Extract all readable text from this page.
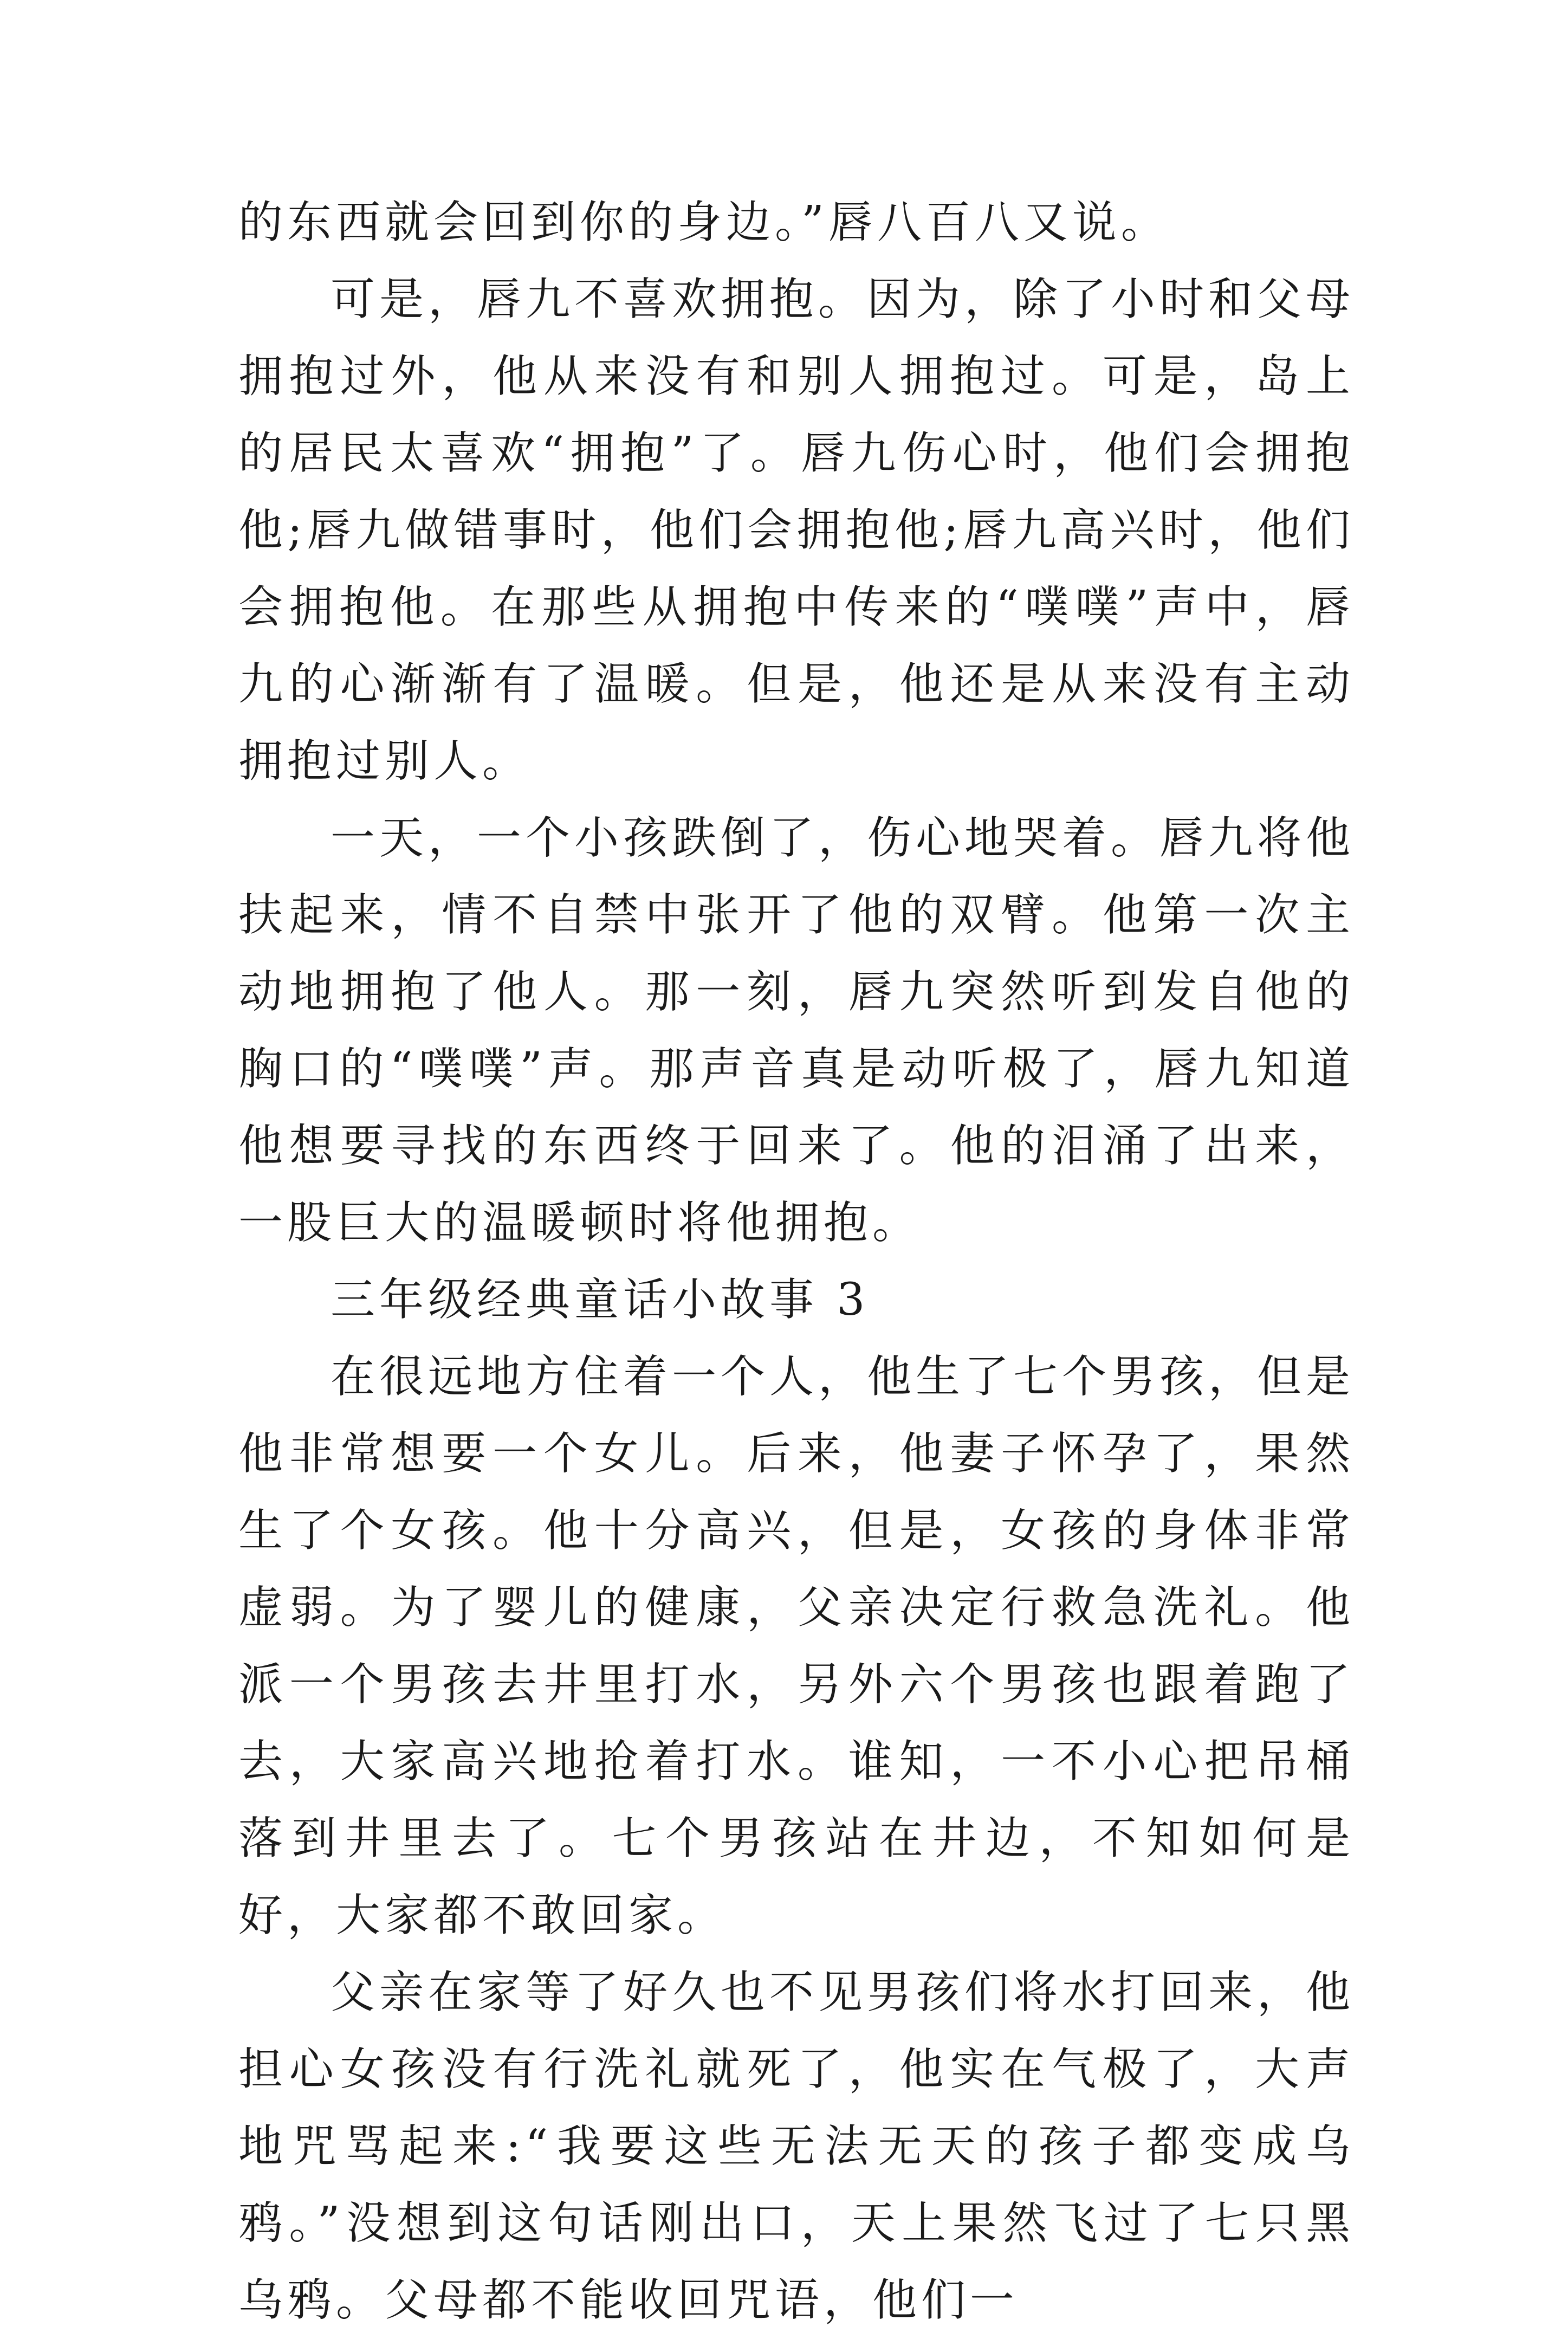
的东西就会回到你的身边。”唇八百八又说。

可是，唇九不喜欢拥抱。因为，除了小时和父母拥抱过外，他从来没有和别人拥抱过。可是，岛上的居民太喜欢“拥抱”了。唇九伤心时，他们会拥抱他;唇九做错事时，他们会拥抱他;唇九高兴时，他们会拥抱他。在那些从拥抱中传来的“噗噗”声中，唇九的心渐渐有了温暖。但是，他还是从来没有主动拥抱过别人。

一天，一个小孩跌倒了，伤心地哭着。唇九将他扶起来，情不自禁中张开了他的双臂。他第一次主动地拥抱了他人。那一刻，唇九突然听到发自他的胸口的“噗噗”声。那声音真是动听极了，唇九知道他想要寻找的东西终于回来了。他的泪涌了出来，一股巨大的温暖顿时将他拥抱。

三年级经典童话小故事 3

在很远地方住着一个人，他生了七个男孩，但是他非常想要一个女儿。后来，他妻子怀孕了，果然生了个女孩。他十分高兴，但是，女孩的身体非常虚弱。为了婴儿的健康，父亲决定行救急洗礼。他派一个男孩去井里打水，另外六个男孩也跟着跑了去，大家高兴地抢着打水。谁知，一不小心把吊桶落到井里去了。七个男孩站在井边，不知如何是好，大家都不敢回家。

父亲在家等了好久也不见男孩们将水打回来，他担心女孩没有行洗礼就死了，他实在气极了，大声地咒骂起来:“我要这些无法无天的孩子都变成乌鸦。”没想到这句话刚出口，天上果然飞过了七只黑乌鸦。父母都不能收回咒语，他们一
